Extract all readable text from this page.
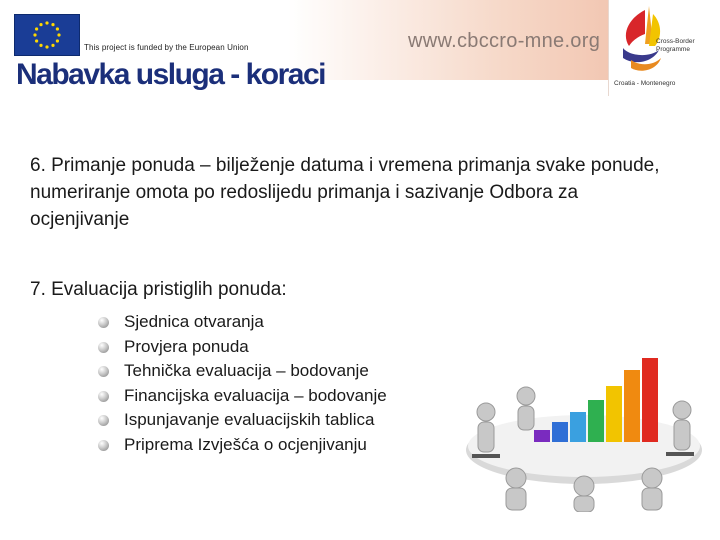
This project is funded by the European Union	www.cbccro-mne.org	Cross-Border
Programme
Croatia - Montenegro
Nabavka usluga - koraci

6. Primanje ponuda – bilježenje datuma i vremena primanja svake ponude, numeriranje omota po redoslijedu primanja i sazivanje Odbora za ocjenjivanje

7. Evaluacija pristiglih ponuda:

Sjednica otvaranja
Provjera ponuda
Tehnička evaluacija – bodovanje
Financijska evaluacija – bodovanje
Ispunjavanje evaluacijskih tablica
Priprema Izvješća o ocjenjivanju
